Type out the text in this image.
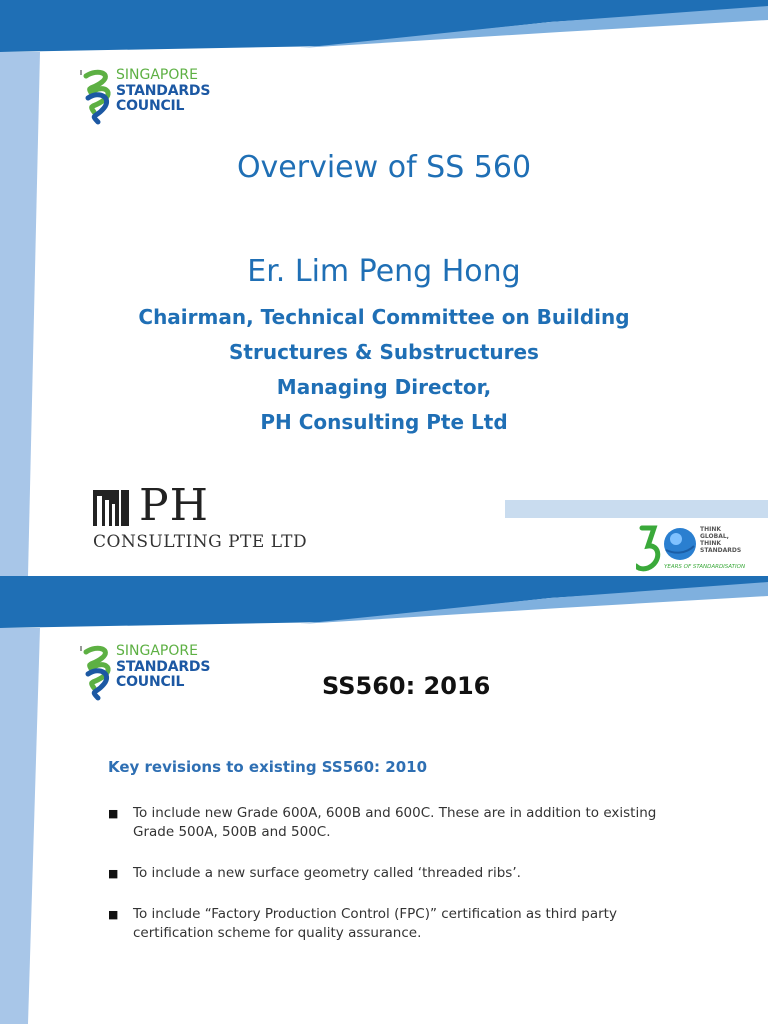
SINGAPORE
STANDARDS
COUNCIL
Overview of SS 560
Er. Lim Peng Hong
Chairman, Technical Committee on Building
Structures & Substructures
Managing Director,
PH Consulting Pte Ltd
PH
CONSULTING PTE LTD
THINK
GLOBAL,
THINK
STANDARDS
YEARS OF STANDARDISATION
SINGAPORE
STANDARDS
COUNCIL	SS560: 2016
Key revisions to existing SS560: 2010
■ To include new Grade 600A, 600B and 600C. These are in addition to existing Grade 500A, 500B and 500C.
■ To include a new surface geometry called ‘threaded ribs’.
■ To include “Factory Production Control (FPC)” certification as third party certification scheme for quality assurance.
